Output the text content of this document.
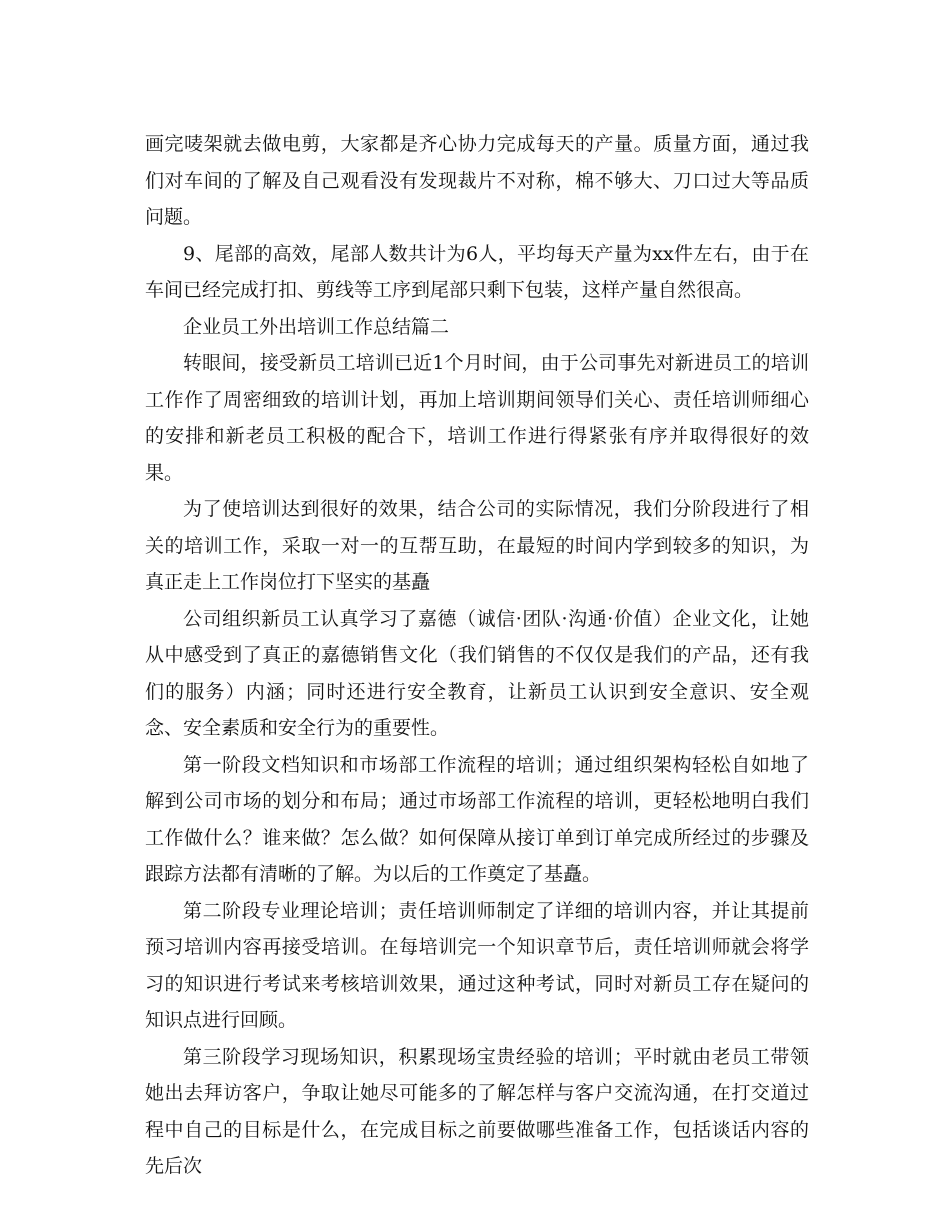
画完唛架就去做电剪，大家都是齐心协力完成每天的产量。质量方面，通过我们对车间的了解及自己观看没有发现裁片不对称，棉不够大、刀口过大等品质问题。

9、尾部的高效，尾部人数共计为6人，平均每天产量为xx件左右，由于在车间已经完成打扣、剪线等工序到尾部只剩下包装，这样产量自然很高。

企业员工外出培训工作总结篇二

转眼间，接受新员工培训已近1个月时间，由于公司事先对新进员工的培训工作作了周密细致的培训计划，再加上培训期间领导们关心、责任培训师细心的安排和新老员工积极的配合下，培训工作进行得紧张有序并取得很好的效果。

为了使培训达到很好的效果，结合公司的实际情况，我们分阶段进行了相关的培训工作，采取一对一的互帮互助，在最短的时间内学到较多的知识，为真正走上工作岗位打下坚实的基矗

公司组织新员工认真学习了嘉德（诚信·团队·沟通·价值）企业文化，让她从中感受到了真正的嘉德销售文化（我们销售的不仅仅是我们的产品，还有我们的服务）内涵；同时还进行安全教育，让新员工认识到安全意识、安全观念、安全素质和安全行为的重要性。

第一阶段文档知识和市场部工作流程的培训；通过组织架构轻松自如地了解到公司市场的划分和布局；通过市场部工作流程的培训，更轻松地明白我们工作做什么？谁来做？怎么做？如何保障从接订单到订单完成所经过的步骤及跟踪方法都有清晰的了解。为以后的工作奠定了基矗。

第二阶段专业理论培训；责任培训师制定了详细的培训内容，并让其提前预习培训内容再接受培训。在每培训完一个知识章节后，责任培训师就会将学习的知识进行考试来考核培训效果，通过这种考试，同时对新员工存在疑问的知识点进行回顾。

第三阶段学习现场知识，积累现场宝贵经验的培训；平时就由老员工带领她出去拜访客户，争取让她尽可能多的了解怎样与客户交流沟通，在打交道过程中自己的目标是什么，在完成目标之前要做哪些准备工作，包括谈话内容的先后次
